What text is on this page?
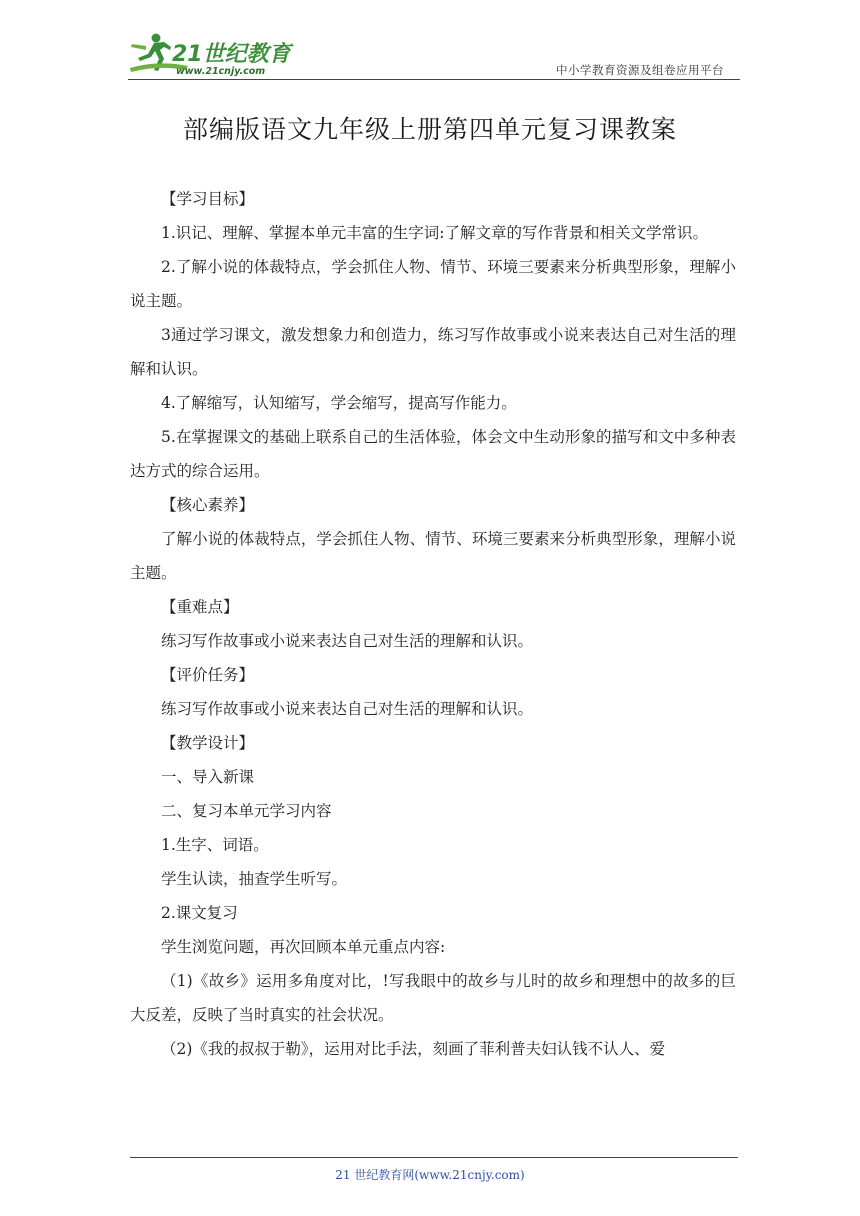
21世纪教育
www.21cnjy.com	中小学教育资源及组卷应用平台
部编版语文九年级上册第四单元复习课教案

【学习目标】

1.识记、理解、掌握本单元丰富的生字词:了解文章的写作背景和相关文学常识。

2.了解小说的体裁特点，学会抓住人物、情节、环境三要素来分析典型形象，理解小说主题。

3通过学习课文，激发想象力和创造力，练习写作故事或小说来表达自己对生活的理解和认识。

4.了解缩写，认知缩写，学会缩写，提高写作能力。

5.在掌握课文的基础上联系自己的生活体验，体会文中生动形象的描写和文中多种表达方式的综合运用。

【核心素养】

了解小说的体裁特点，学会抓住人物、情节、环境三要素来分析典型形象，理解小说主题。

【重难点】

练习写作故事或小说来表达自己对生活的理解和认识。

【评价任务】

练习写作故事或小说来表达自己对生活的理解和认识。

【教学设计】

一、导入新课

二、复习本单元学习内容

1.生字、词语。

学生认读，抽查学生听写。

2.课文复习

学生浏览问题，再次回顾本单元重点内容:

（1)《故乡》运用多角度对比，!写我眼中的故乡与儿时的故乡和理想中的故多的巨大反差，反映了当时真实的社会状况。

（2)《我的叔叔于勒》，运用对比手法，刻画了菲利普夫妇认钱不认人、爱

21 世纪教育网(www.21cnjy.com)
